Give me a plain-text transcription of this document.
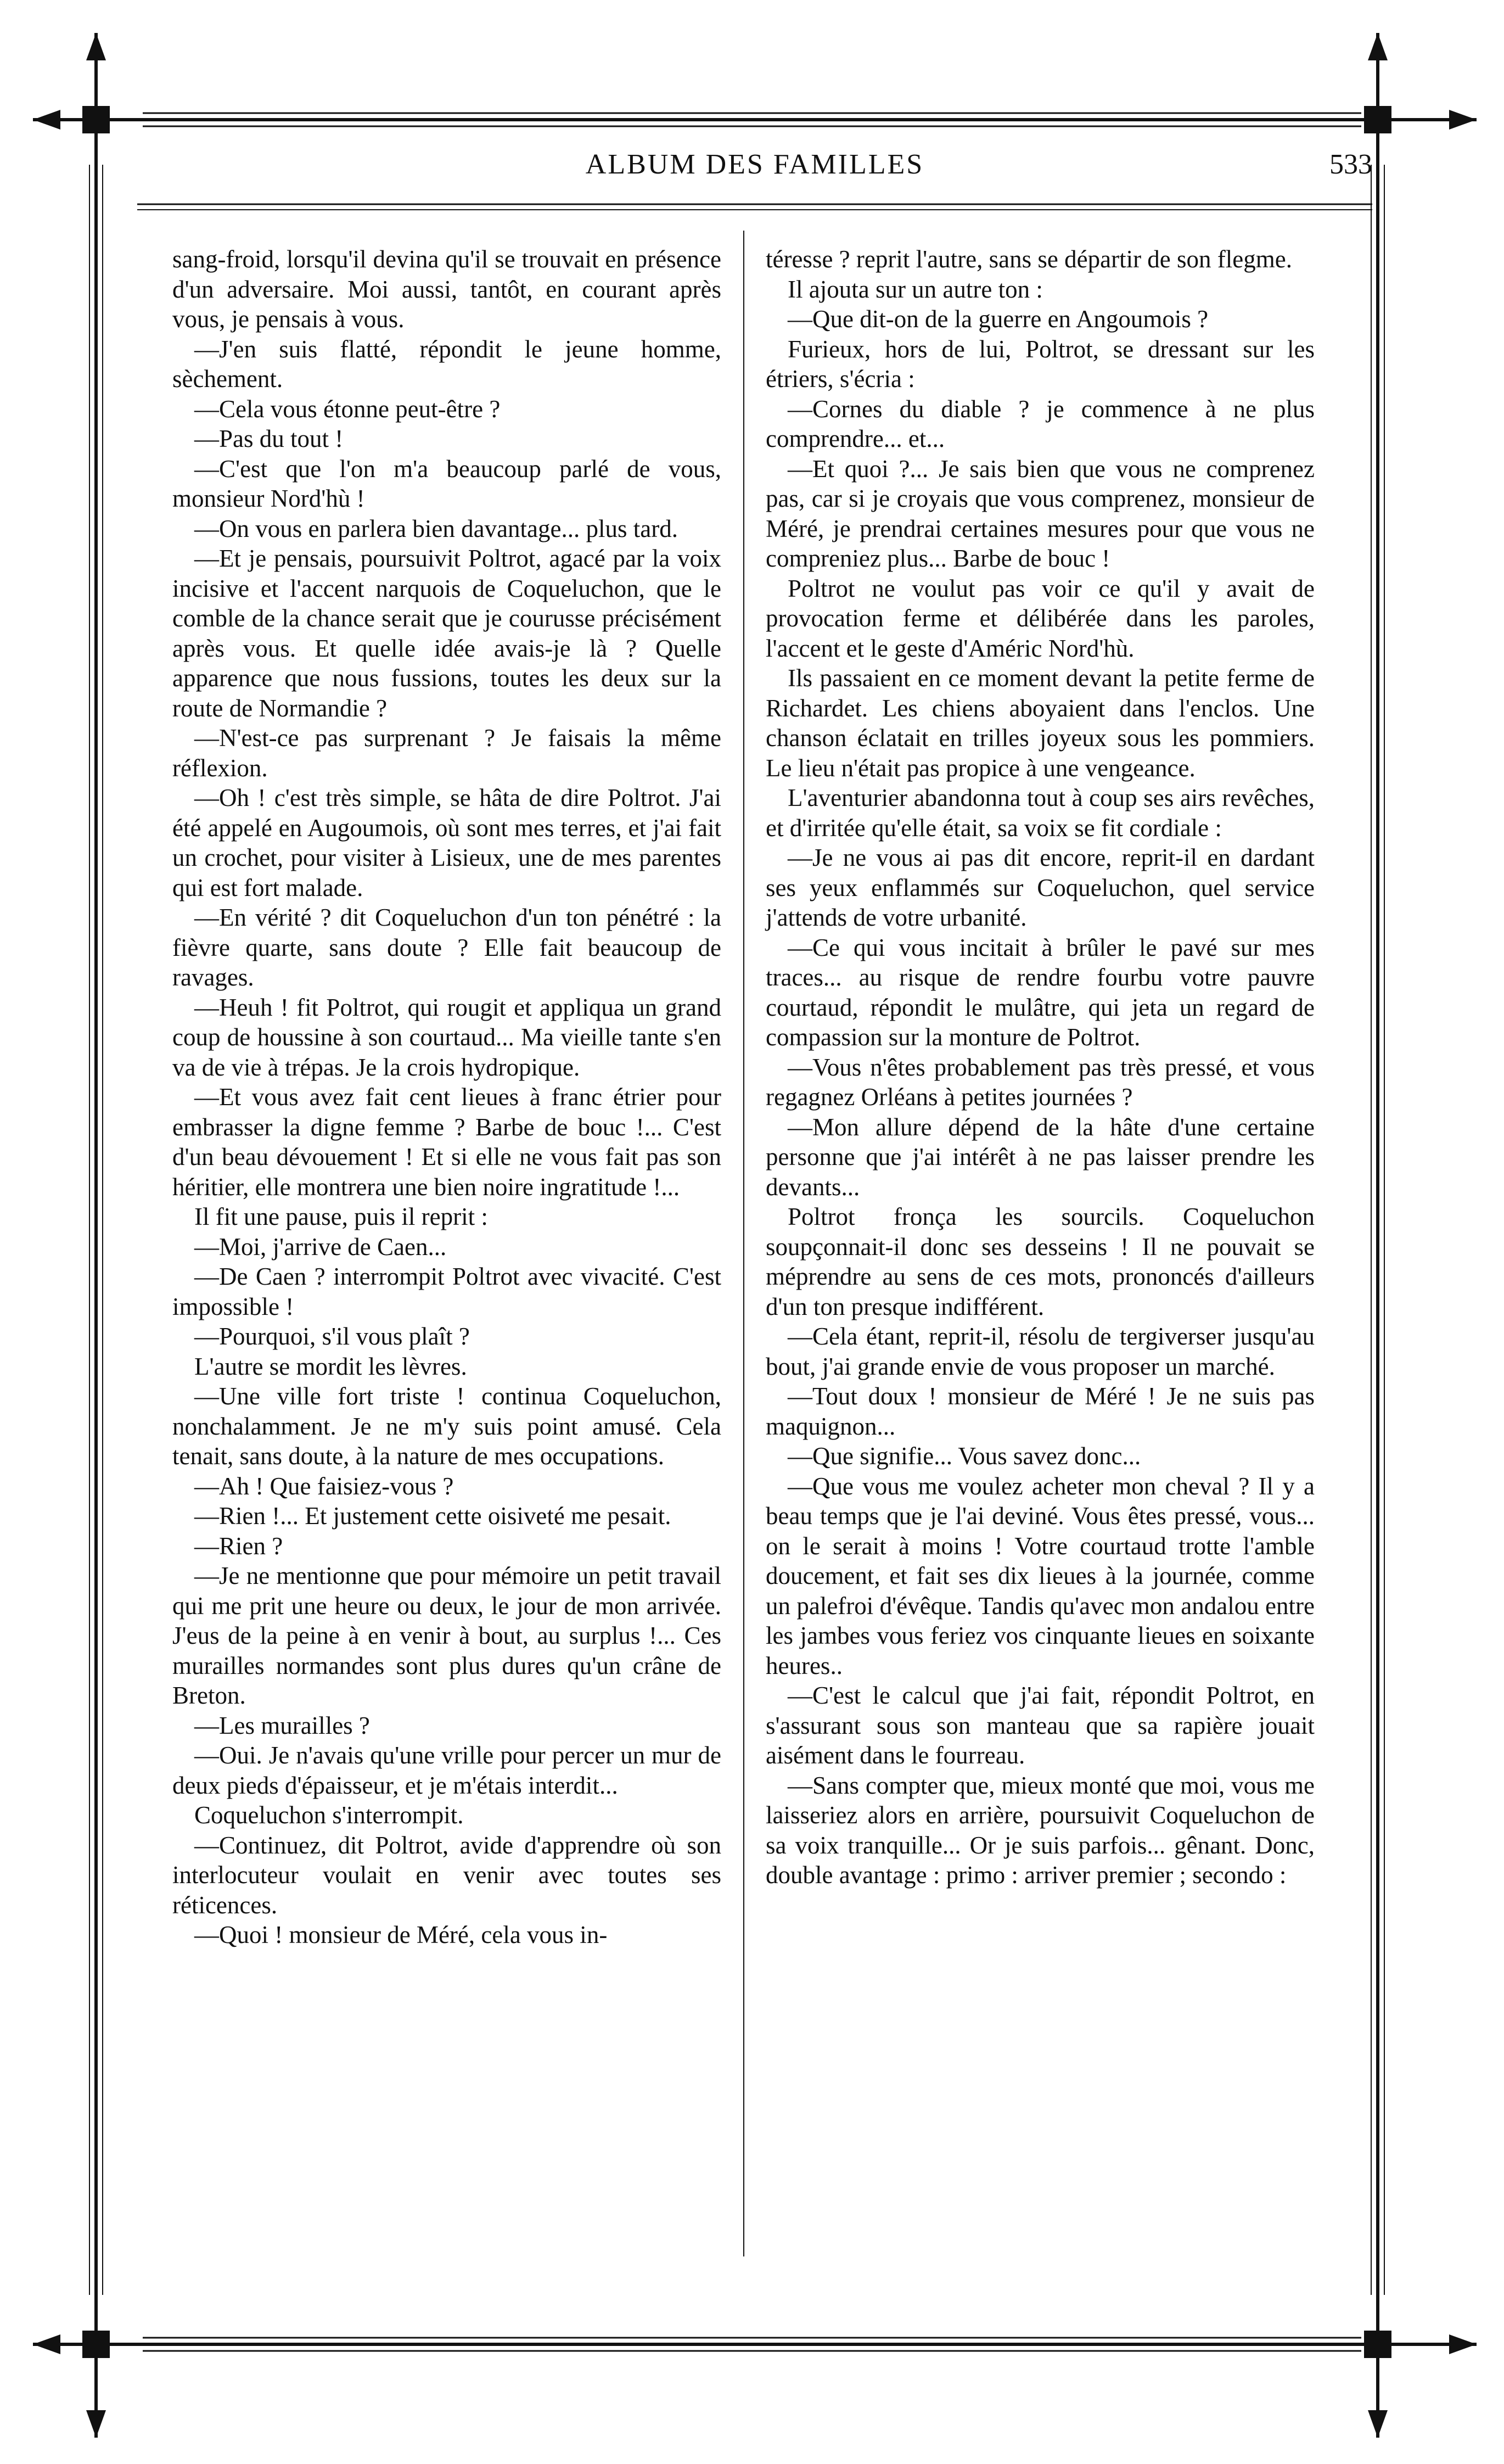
ALBUM DES FAMILLES	533

sang-froid, lorsqu'il devina qu'il se trouvait en présence d'un adversaire. Moi aussi, tantôt, en courant après vous, je pensais à vous.

—J'en suis flatté, répondit le jeune homme, sèchement.

—Cela vous étonne peut-être ?

—Pas du tout !

—C'est que l'on m'a beaucoup parlé de vous, monsieur Nord'hù !

—On vous en parlera bien davantage... plus tard.

—Et je pensais, poursuivit Poltrot, agacé par la voix incisive et l'accent narquois de Coqueluchon, que le comble de la chance serait que je courusse précisément après vous. Et quelle idée avais-je là ? Quelle apparence que nous fussions, toutes les deux sur la route de Normandie ?

—N'est-ce pas surprenant ? Je faisais la même réflexion.

—Oh ! c'est très simple, se hâta de dire Poltrot. J'ai été appelé en Augoumois, où sont mes terres, et j'ai fait un crochet, pour visiter à Lisieux, une de mes parentes qui est fort malade.

—En vérité ? dit Coqueluchon d'un ton pénétré : la fièvre quarte, sans doute ? Elle fait beaucoup de ravages.

—Heuh ! fit Poltrot, qui rougit et appliqua un grand coup de houssine à son courtaud... Ma vieille tante s'en va de vie à trépas. Je la crois hydropique.

—Et vous avez fait cent lieues à franc étrier pour embrasser la digne femme ? Barbe de bouc !... C'est d'un beau dévouement ! Et si elle ne vous fait pas son héritier, elle montrera une bien noire ingratitude !...

Il fit une pause, puis il reprit :

—Moi, j'arrive de Caen...

—De Caen ? interrompit Poltrot avec vivacité. C'est impossible !

—Pourquoi, s'il vous plaît ?

L'autre se mordit les lèvres.

—Une ville fort triste ! continua Coqueluchon, nonchalamment. Je ne m'y suis point amusé. Cela tenait, sans doute, à la nature de mes occupations.

—Ah ! Que faisiez-vous ?

—Rien !... Et justement cette oisiveté me pesait.

—Rien ?

—Je ne mentionne que pour mémoire un petit travail qui me prit une heure ou deux, le jour de mon arrivée. J'eus de la peine à en venir à bout, au surplus !... Ces murailles normandes sont plus dures qu'un crâne de Breton.

—Les murailles ?

—Oui. Je n'avais qu'une vrille pour percer un mur de deux pieds d'épaisseur, et je m'étais interdit...

Coqueluchon s'interrompit.

—Continuez, dit Poltrot, avide d'apprendre où son interlocuteur voulait en venir avec toutes ses réticences.

—Quoi ! monsieur de Méré, cela vous in-

téresse ? reprit l'autre, sans se départir de son flegme.

Il ajouta sur un autre ton :

—Que dit-on de la guerre en Angoumois ?

Furieux, hors de lui, Poltrot, se dressant sur les étriers, s'écria :

—Cornes du diable ? je commence à ne plus comprendre... et...

—Et quoi ?... Je sais bien que vous ne comprenez pas, car si je croyais que vous comprenez, monsieur de Méré, je prendrai certaines mesures pour que vous ne compreniez plus... Barbe de bouc !

Poltrot ne voulut pas voir ce qu'il y avait de provocation ferme et délibérée dans les paroles, l'accent et le geste d'Améric Nord'hù.

Ils passaient en ce moment devant la petite ferme de Richardet. Les chiens aboyaient dans l'enclos. Une chanson éclatait en trilles joyeux sous les pommiers. Le lieu n'était pas propice à une vengeance.

L'aventurier abandonna tout à coup ses airs revêches, et d'irritée qu'elle était, sa voix se fit cordiale :

—Je ne vous ai pas dit encore, reprit-il en dardant ses yeux enflammés sur Coqueluchon, quel service j'attends de votre urbanité.

—Ce qui vous incitait à brûler le pavé sur mes traces... au risque de rendre fourbu votre pauvre courtaud, répondit le mulâtre, qui jeta un regard de compassion sur la monture de Poltrot.

—Vous n'êtes probablement pas très pressé, et vous regagnez Orléans à petites journées ?

—Mon allure dépend de la hâte d'une certaine personne que j'ai intérêt à ne pas laisser prendre les devants...

Poltrot fronça les sourcils. Coqueluchon soupçonnait-il donc ses desseins ! Il ne pouvait se méprendre au sens de ces mots, prononcés d'ailleurs d'un ton presque indifférent.

—Cela étant, reprit-il, résolu de tergiverser jusqu'au bout, j'ai grande envie de vous proposer un marché.

—Tout doux ! monsieur de Méré ! Je ne suis pas maquignon...

—Que signifie... Vous savez donc...

—Que vous me voulez acheter mon cheval ? Il y a beau temps que je l'ai deviné. Vous êtes pressé, vous... on le serait à moins ! Votre courtaud trotte l'amble doucement, et fait ses dix lieues à la journée, comme un palefroi d'évêque. Tandis qu'avec mon andalou entre les jambes vous feriez vos cinquante lieues en soixante heures..

—C'est le calcul que j'ai fait, répondit Poltrot, en s'assurant sous son manteau que sa rapière jouait aisément dans le fourreau.

—Sans compter que, mieux monté que moi, vous me laisseriez alors en arrière, poursuivit Coqueluchon de sa voix tranquille... Or je suis parfois... gênant. Donc, double avantage : primo : arriver premier ; secondo :
